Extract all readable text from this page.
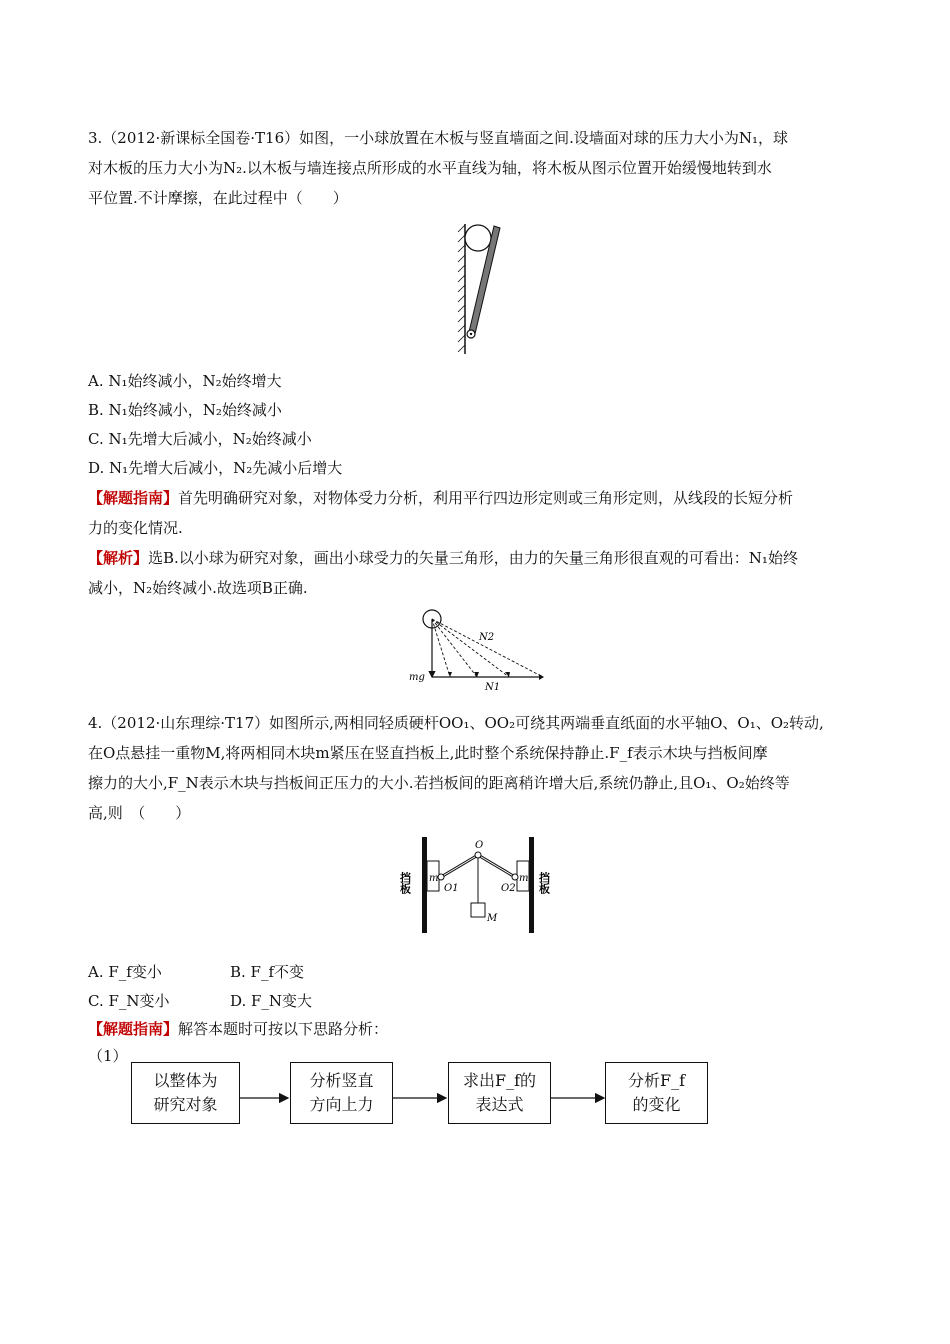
3.（2012·新课标全国卷·T16）如图，一小球放置在木板与竖直墙面之间.设墙面对球的压力大小为N₁，球
对木板的压力大小为N₂.以木板与墙连接点所形成的水平直线为轴，将木板从图示位置开始缓慢地转到水
平位置.不计摩擦，在此过程中（　　）
A. N₁始终减小，N₂始终增大
B. N₁始终减小，N₂始终减小
C. N₁先增大后减小，N₂始终减小
D. N₁先增大后减小，N₂先减小后增大
【解题指南】首先明确研究对象，对物体受力分析，利用平行四边形定则或三角形定则，从线段的长短分析
力的变化情况.
【解析】选B.以小球为研究对象，画出小球受力的矢量三角形，由力的矢量三角形很直观的可看出：N₁始终
减小，N₂始终减小.故选项B正确.
N2
N1
mg
4.（2012·山东理综·T17）如图所示,两相同轻质硬杆OO₁、OO₂可绕其两端垂直纸面的水平轴O、O₁、O₂转动,
在O点悬挂一重物M,将两相同木块m紧压在竖直挡板上,此时整个系统保持静止.F_f表示木块与挡板间摩
擦力的大小,F_N表示木块与挡板间正压力的大小.若挡板间的距离稍许增大后,系统仍静止,且O₁、O₂始终等
高,则　（　　）
挡板	挡板
m	m
O
O1	O2
M
A. F_f变小	B. F_f不变
C. F_N变小	D. F_N变大
【解题指南】解答本题时可按以下思路分析：
（1）
以整体为
研究对象
分析竖直
方向上力
求出F_f的
表达式
分析F_f
的变化
